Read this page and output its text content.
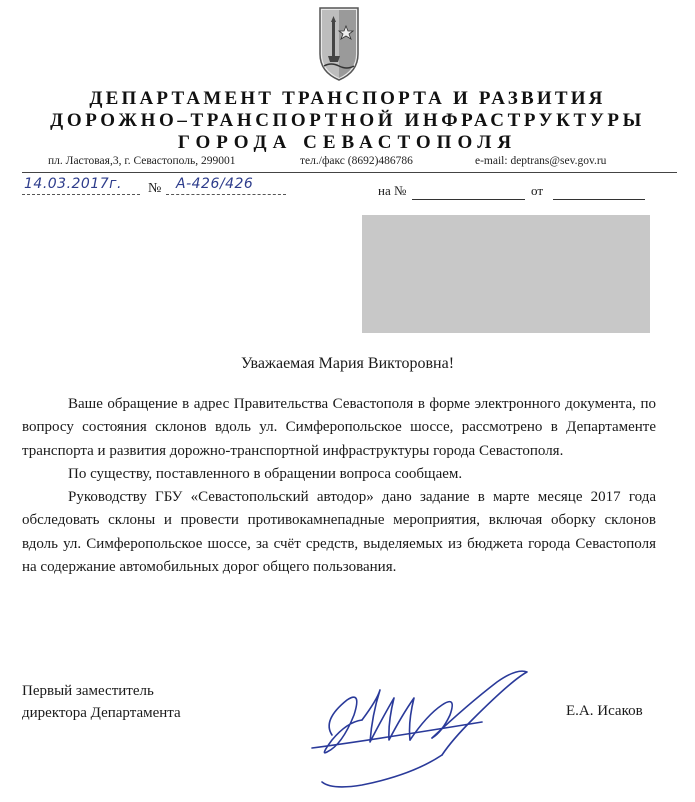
ДЕПАРТАМЕНТ ТРАНСПОРТА И РАЗВИТИЯ
ДОРОЖНО–ТРАНСПОРТНОЙ ИНФРАСТРУКТУРЫ
ГОРОДА СЕВАСТОПОЛЯ
пл. Ластовая,3, г. Севастополь, 299001	тел./факс (8692)486786	e-mail: deptrans@sev.gov.ru
14.03.2017г. № А-426/426	на №	от
Уважаемая Мария Викторовна!

Ваше обращение в адрес Правительства Севастополя в форме электронного документа, по вопросу состояния склонов вдоль ул. Симферопольское шоссе, рассмотрено в Департаменте транспорта и развития дорожно-транспортной инфраструктуры города Севастополя.

По существу, поставленного в обращении вопроса сообщаем.

Руководству ГБУ «Севастопольский автодор» дано задание в марте месяце 2017 года обследовать склоны и провести противокамнепадные мероприятия, включая оборку склонов вдоль ул. Симферопольское шоссе, за счёт средств, выделяемых из бюджета города Севастополя на содержание автомобильных дорог общего пользования.

Первый заместитель
директора Департамента	Е.А. Исаков
